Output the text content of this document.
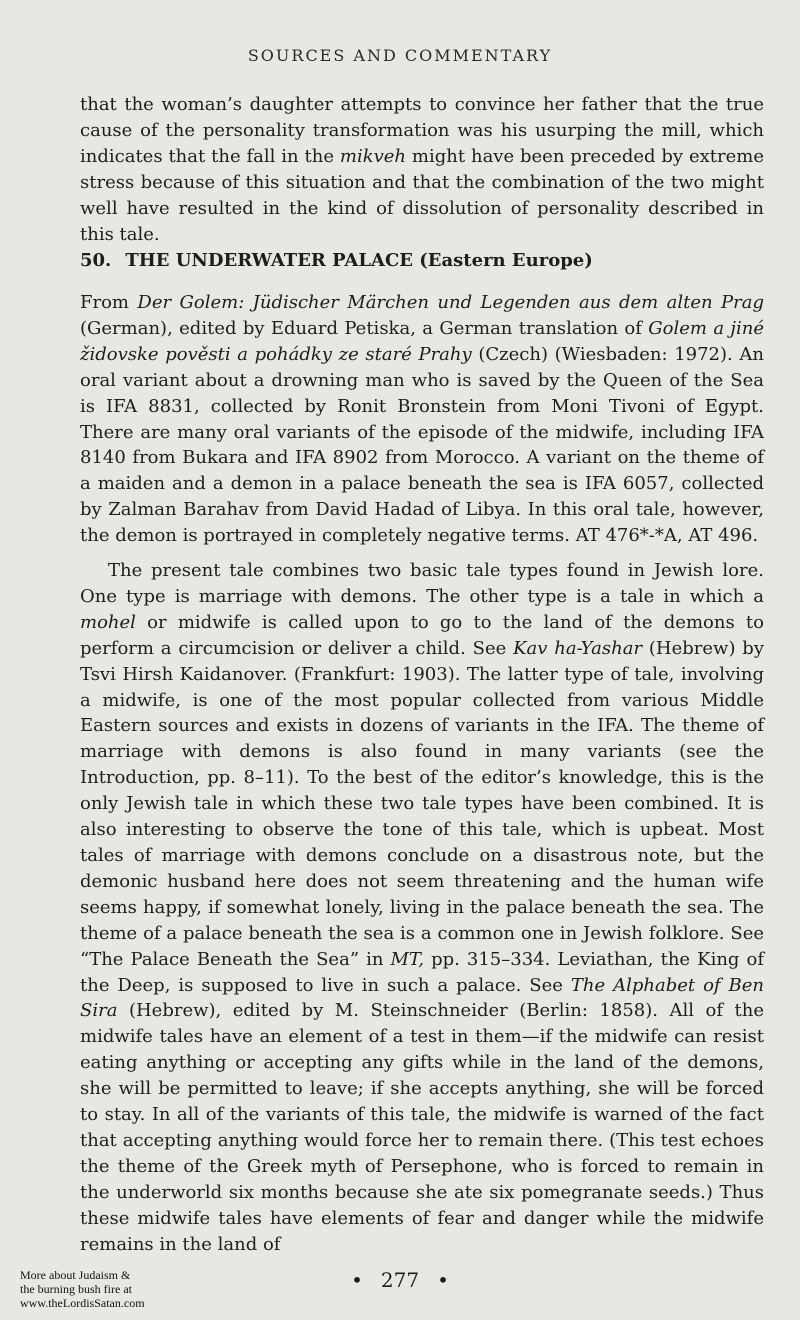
SOURCES AND COMMENTARY

that the woman’s daughter attempts to convince her father that the true cause of the personality transformation was his usurping the mill, which indicates that the fall in the mikveh might have been preceded by extreme stress because of this situation and that the combination of the two might well have resulted in the kind of dissolution of personality described in this tale.

50. THE UNDERWATER PALACE (Eastern Europe)

From Der Golem: Jüdischer Märchen und Legenden aus dem alten Prag (German), edited by Eduard Petiska, a German translation of Golem a jiné židovske pověsti a pohádky ze staré Prahy (Czech) (Wiesbaden: 1972). An oral variant about a drowning man who is saved by the Queen of the Sea is IFA 8831, collected by Ronit Bronstein from Moni Tivoni of Egypt. There are many oral variants of the episode of the midwife, including IFA 8140 from Bukara and IFA 8902 from Morocco. A variant on the theme of a maiden and a demon in a palace beneath the sea is IFA 6057, collected by Zalman Barahav from David Hadad of Libya. In this oral tale, however, the demon is portrayed in completely negative terms. AT 476*-*A, AT 496.

The present tale combines two basic tale types found in Jewish lore. One type is marriage with demons. The other type is a tale in which a mohel or midwife is called upon to go to the land of the demons to perform a circumcision or deliver a child. See Kav ha-Yashar (Hebrew) by Tsvi Hirsh Kaidanover. (Frankfurt: 1903). The latter type of tale, involving a midwife, is one of the most popular collected from various Middle Eastern sources and exists in dozens of variants in the IFA. The theme of marriage with demons is also found in many variants (see the Introduction, pp. 8–11). To the best of the editor’s knowledge, this is the only Jewish tale in which these two tale types have been combined. It is also interesting to observe the tone of this tale, which is upbeat. Most tales of marriage with demons conclude on a disastrous note, but the demonic husband here does not seem threatening and the human wife seems happy, if somewhat lonely, living in the palace beneath the sea. The theme of a palace beneath the sea is a common one in Jewish folklore. See “The Palace Beneath the Sea” in MT, pp. 315–334. Leviathan, the King of the Deep, is supposed to live in such a palace. See The Alphabet of Ben Sira (Hebrew), edited by M. Steinschneider (Berlin: 1858). All of the midwife tales have an element of a test in them—if the midwife can resist eating anything or accepting any gifts while in the land of the demons, she will be permitted to leave; if she accepts anything, she will be forced to stay. In all of the variants of this tale, the midwife is warned of the fact that accepting anything would force her to remain there. (This test echoes the theme of the Greek myth of Persephone, who is forced to remain in the underworld six months because she ate six pomegranate seeds.) Thus these midwife tales have elements of fear and danger while the midwife remains in the land of

• 277 •
More about Judaism &
the burning bush fire at
www.theLordisSatan.com
